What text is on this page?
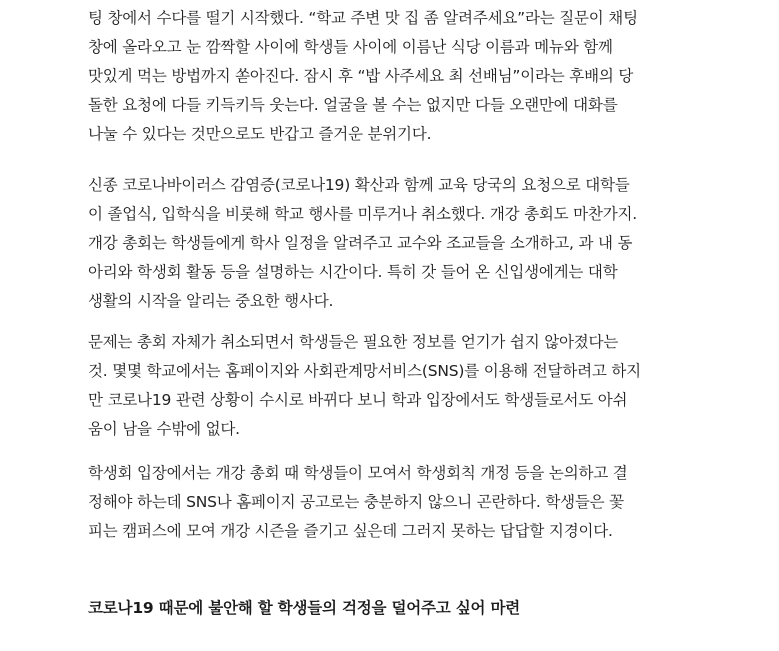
팅 창에서 수다를 떨기 시작했다. “학교 주변 맛 집 좀 알려주세요”라는 질문이 채팅
창에 올라오고 눈 깜짝할 사이에 학생들 사이에 이름난 식당 이름과 메뉴와 함께
맛있게 먹는 방법까지 쏟아진다. 잠시 후 “밥 사주세요 최 선배님”이라는 후배의 당
돌한 요청에 다들 키득키득 웃는다. 얼굴을 볼 수는 없지만 다들 오랜만에 대화를
나눌 수 있다는 것만으로도 반갑고 즐거운 분위기다.
신종 코로나바이러스 감염증(코로나19) 확산과 함께 교육 당국의 요청으로 대학들
이 졸업식, 입학식을 비롯해 학교 행사를 미루거나 취소했다. 개강 총회도 마찬가지.
개강 총회는 학생들에게 학사 일정을 알려주고 교수와 조교들을 소개하고, 과 내 동
아리와 학생회 활동 등을 설명하는 시간이다. 특히 갓 들어 온 신입생에게는 대학
생활의 시작을 알리는 중요한 행사다.
문제는 총회 자체가 취소되면서 학생들은 필요한 정보를 얻기가 쉽지 않아졌다는
것. 몇몇 학교에서는 홈페이지와 사회관계망서비스(SNS)를 이용해 전달하려고 하지
만 코로나19 관련 상황이 수시로 바뀌다 보니 학과 입장에서도 학생들로서도 아쉬
움이 남을 수밖에 없다.
학생회 입장에서는 개강 총회 때 학생들이 모여서 학생회칙 개정 등을 논의하고 결
정해야 하는데 SNS나 홈페이지 공고로는 충분하지 않으니 곤란하다. 학생들은 꽃
피는 캠퍼스에 모여 개강 시즌을 즐기고 싶은데 그러지 못하는 답답할 지경이다.
코로나19 때문에 불안해 할 학생들의 걱정을 덜어주고 싶어 마련
